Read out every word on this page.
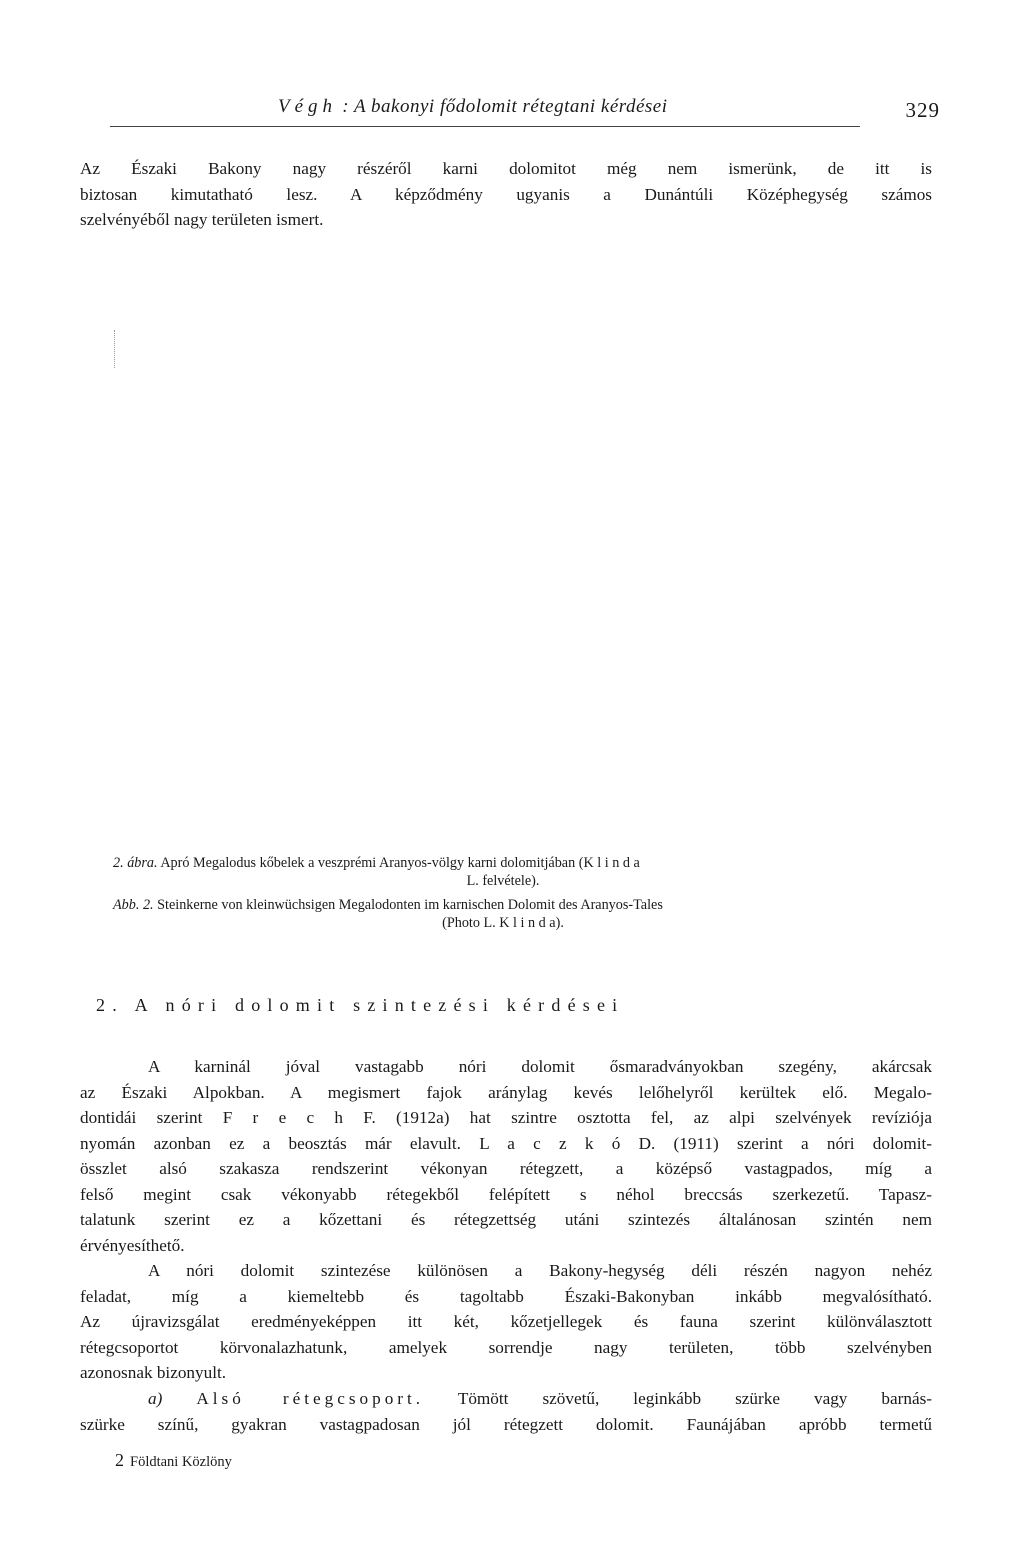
Végh : A bakonyi fődolomit rétegtani kérdései	329

Az Északi Bakony nagy részéről karni dolomitot még nem ismerünk, de itt is
biztosan kimutatható lesz. A képződmény ugyanis a Dunántúli Középhegység számos
szelvényéből nagy területen ismert.

2. ábra. Apró Megalodus kőbelek a veszprémi Aranyos-völgy karni dolomitjában (K l i n d a
L. felvétele).
Abb. 2. Steinkerne von kleinwüchsigen Megalodonten im karnischen Dolomit des Aranyos-Tales
(Photo L. K l i n d a).
2. A nóri dolomit szintezési kérdései

A karninál jóval vastagabb nóri dolomit ősmaradványokban szegény, akárcsak
az Északi Alpokban. A megismert fajok aránylag kevés lelőhelyről kerültek elő. Megalo-
dontidái szerint F r e c h F. (1912a) hat szintre osztotta fel, az alpi szelvények revíziója
nyomán azonban ez a beosztás már elavult. L a c z k ó D. (1911) szerint a nóri dolomit-
összlet alsó szakasza rendszerint vékonyan rétegzett, a középső vastagpados, míg a
felső megint csak vékonyabb rétegekből felépített s néhol breccsás szerkezetű. Tapasz-
talatunk szerint ez a kőzettani és rétegzettség utáni szintezés általánosan szintén nem
érvényesíthető.

A nóri dolomit szintezése különösen a Bakony-hegység déli részén nagyon nehéz
feladat, míg a kiemeltebb és tagoltabb Északi-Bakonyban inkább megvalósítható.
Az újravizsgálat eredményeképpen itt két, kőzetjellegek és fauna szerint különválasztott
rétegcsoportot körvonalazhatunk, amelyek sorrendje nagy területen, több szelvényben
azonosnak bizonyult.

a) Alsó rétegcsoport. Tömött szövetű, leginkább szürke vagy barnás-
szürke színű, gyakran vastagpadosan jól rétegzett dolomit. Faunájában apróbb termetű

2 Földtani Közlöny
